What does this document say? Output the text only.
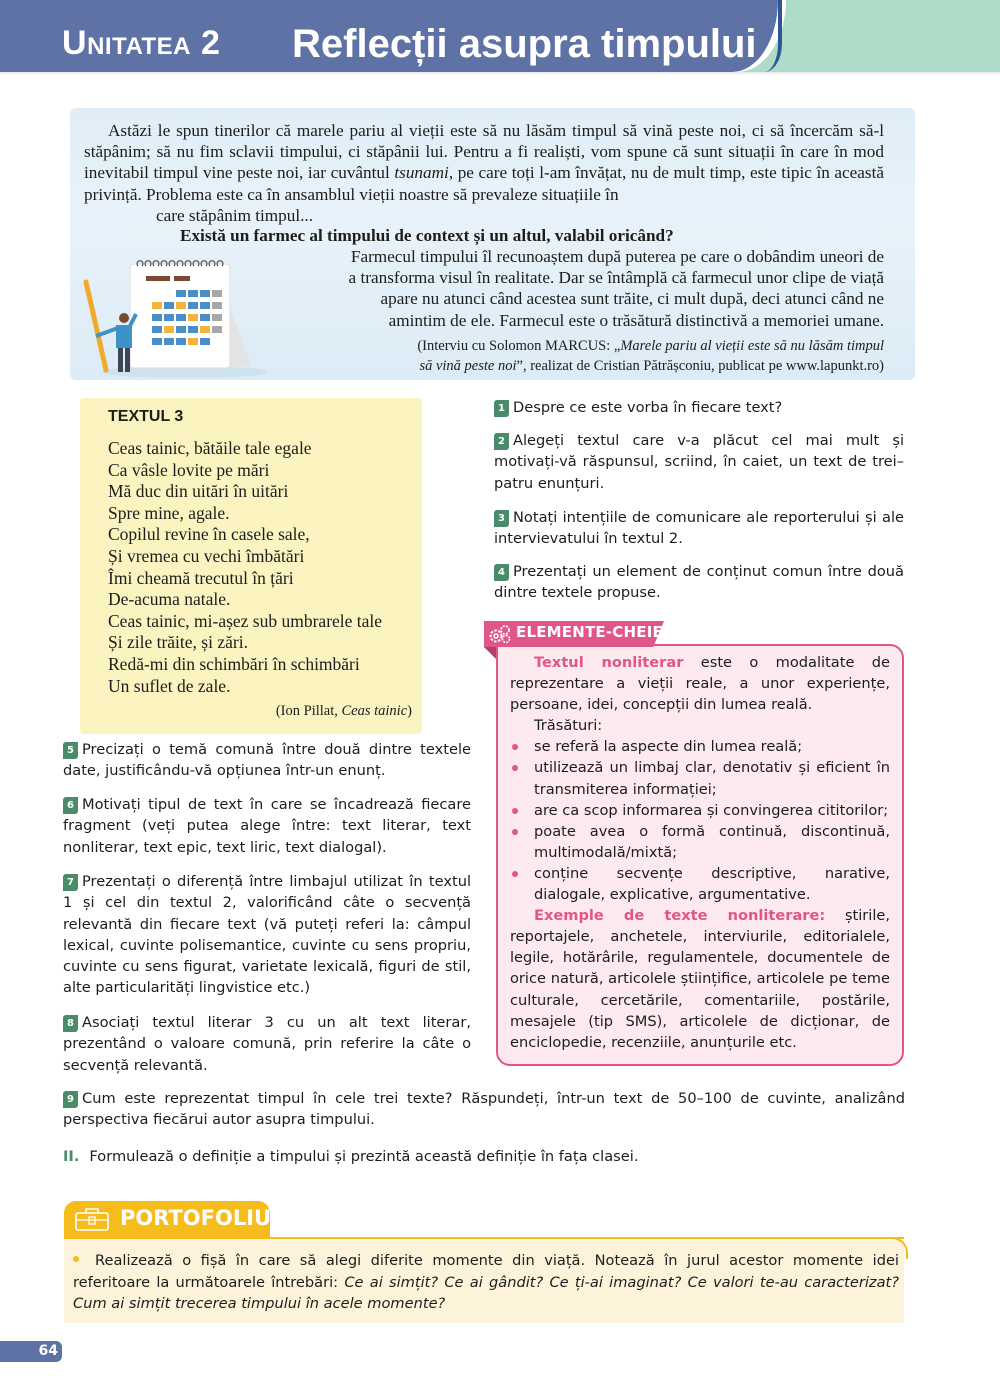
UNITATEA 2 Reflecții asupra timpului

Astăzi le spun tinerilor că marele pariu al vieții este să nu lăsăm timpul să vină peste noi, ci să încercăm să-l stăpânim; să nu fim sclavii timpului, ci stăpânii lui. Pentru a fi realiști, vom spune că sunt situații în care în mod inevitabil timpul vine peste noi, iar cuvântul tsunami, pe care toți l-am învățat, nu de mult timp, este tipic în această privință. Problema este ca în ansamblul vieții noastre să prevaleze situațiile în

care stăpânim timpul...
Există un farmec al timpului de context și un altul, valabil oricând?
Farmecul timpului îl recunoaștem după puterea pe care o dobândim uneori de
a transforma visul în realitate. Dar se întâmplă că farmecul unor clipe de viață
apare nu atunci când acestea sunt trăite, ci mult după, deci atunci când ne
amintim de ele. Farmecul este o trăsătură distinctivă a memoriei umane.
(Interviu cu Solomon MARCUS: „Marele pariu al vieții este să nu lăsăm timpul
să vină peste noi”, realizat de Cristian Pătrășconiu, publicat pe www.lapunkt.ro)
TEXTUL 3
Ceas tainic, bătăile tale egale
Ca vâsle lovite pe mări
Mă duc din uitări în uitări
Spre mine, agale.
Copilul revine în casele sale,
Și vremea cu vechi îmbătări
Îmi cheamă trecutul în țări
De-acuma natale.
Ceas tainic, mi-așez sub umbrarele tale
Și zile trăite, și zări.
Redă-mi din schimbări în schimbări
Un suflet de zale.
(Ion Pillat, Ceas tainic)
1 Despre ce este vorba în fiecare text?
2 Alegeți textul care v-a plăcut cel mai mult și motivați-vă răspunsul, scriind, în caiet, un text de trei–patru enunțuri.
3 Notați intențiile de comunicare ale reporterului și ale intervievatului în textul 2.
4 Prezentați un element de conținut comun între două dintre textele propuse.
5 Precizați o temă comună între două dintre textele date, justificându-vă opțiunea într-un enunț.
6 Motivați tipul de text în care se încadrează fiecare fragment (veți putea alege între: text literar, text nonliterar, text epic, text liric, text dialogal).
7 Prezentați o diferență între limbajul utilizat în textul 1 și cel din textul 2, valorificând câte o secvență relevantă din fiecare text (vă puteți referi la: câmpul lexical, cuvinte polisemantice, cuvinte cu sens propriu, cuvinte cu sens figurat, varietate lexicală, figuri de stil, alte particularități lingvistice etc.)
8 Asociați textul literar 3 cu un alt text literar, prezentând o valoare comună, prin referire la câte o secvență relevantă.
ELEMENTE-CHEIE
Textul nonliterar este o modalitate de reprezentare a vieții reale, a unor experiențe, persoane, idei, concepții din lumea reală.
Trăsături:
se referă la aspecte din lumea reală;
utilizează un limbaj clar, denotativ și eficient în transmiterea informației;
are ca scop informarea și convingerea cititorilor;
poate avea o formă continuă, discontinuă, multimodală/mixtă;
conține secvențe descriptive, narative, dialogale, explicative, argumentative.
Exemple de texte nonliterare: știrile, reportajele, anchetele, interviurile, editorialele, legile, hotărârile, regulamentele, documentele de orice natură, articolele științifice, articolele pe teme culturale, cercetările, comentariile, postările, mesajele (tip SMS), articolele de dicționar, de enciclopedie, recenziile, anunțurile etc.
9 Cum este reprezentat timpul în cele trei texte? Răspundeți, într-un text de 50–100 de cuvinte, analizând perspectiva fiecărui autor asupra timpului.
II. Formulează o definiție a timpului și prezintă această definiție în fața clasei.
PORTOFOLIU
Realizează o fișă în care să alegi diferite momente din viață. Notează în jurul acestor momente idei referitoare la următoarele întrebări: Ce ai simțit? Ce ai gândit? Ce ți-ai imaginat? Ce valori te-au caracterizat? Cum ai simțit trecerea timpului în acele momente?
64
